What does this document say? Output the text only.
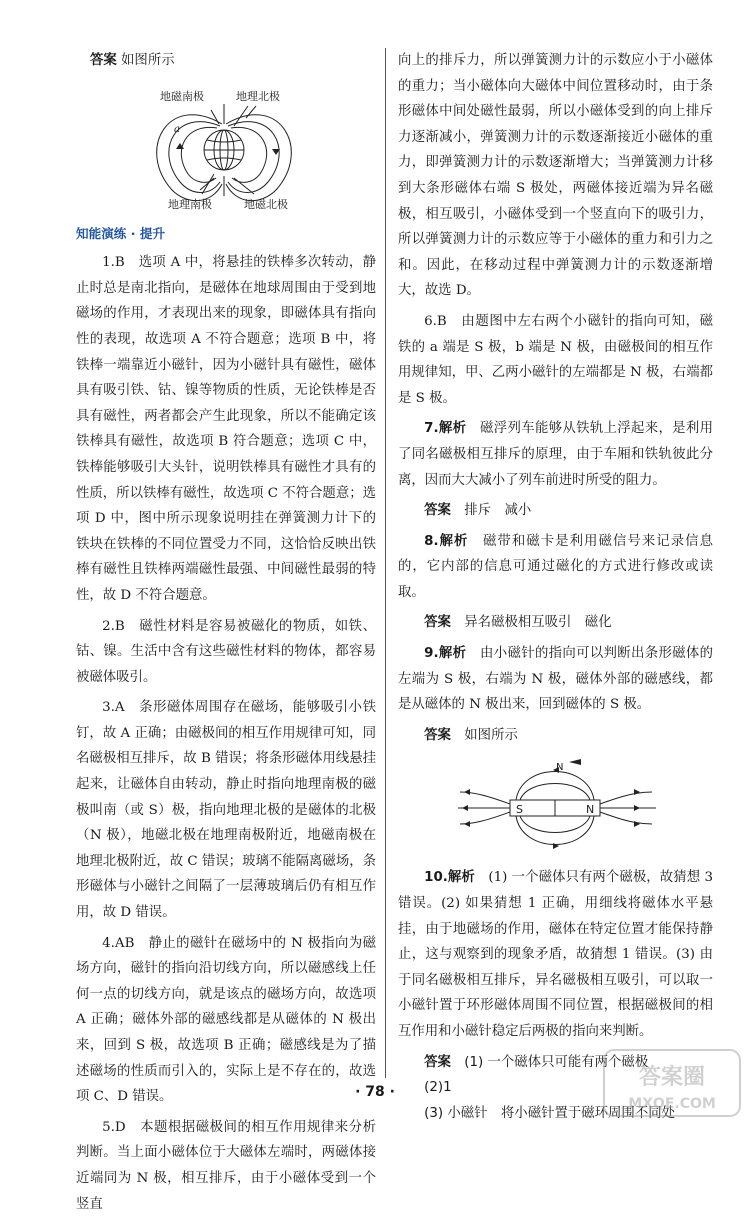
答案 如图所示

地磁南极	地理北极
地理南极	地磁北极
a
知能演练 · 提升

1.B　 选项 A 中，将悬挂的铁棒多次转动，静止时总是南北指向，是磁体在地球周围由于受到地磁场的作用，才表现出来的现象，即磁体具有指向性的表现，故选项 A 不符合题意；选项 B 中，将铁棒一端靠近小磁针，因为小磁针具有磁性，磁体具有吸引铁、钴、镍等物质的性质，无论铁棒是否具有磁性，两者都会产生此现象，所以不能确定该铁棒具有磁性，故选项 B 符合题意；选项 C 中，铁棒能够吸引大头针，说明铁棒具有磁性才具有的性质，所以铁棒有磁性，故选项 C 不符合题意；选项 D 中，图中所示现象说明挂在弹簧测力计下的铁块在铁棒的不同位置受力不同，这恰恰反映出铁棒有磁性且铁棒两端磁性最强、中间磁性最弱的特性，故 D 不符合题意。

2.B　 磁性材料是容易被磁化的物质，如铁、钴、镍。生活中含有这些磁性材料的物体，都容易被磁体吸引。

3.A　 条形磁体周围存在磁场，能够吸引小铁钉，故 A 正确；由磁极间的相互作用规律可知，同名磁极相互排斥，故 B 错误；将条形磁体用线悬挂起来，让磁体自由转动，静止时指向地理南极的磁极叫南（或 S）极，指向地理北极的是磁体的北极（N 极），地磁北极在地理南极附近，地磁南极在地理北极附近，故 C 错误；玻璃不能隔离磁场，条形磁体与小磁针之间隔了一层薄玻璃后仍有相互作用，故 D 错误。

4.AB　 静止的磁针在磁场中的 N 极指向为磁场方向，磁针的指向沿切线方向，所以磁感线上任何一点的切线方向，就是该点的磁场方向，故选项 A 正确；磁体外部的磁感线都是从磁体的 N 极出来，回到 S 极，故选项 B 正确；磁感线是为了描述磁场的性质而引入的，实际上是不存在的，故选项 C、D 错误。

5.D　 本题根据磁极间的相互作用规律来分析判断。当上面小磁体位于大磁体左端时，两磁体接近端同为 N 极，相互排斥，由于小磁体受到一个竖直

向上的排斥力，所以弹簧测力计的示数应小于小磁体的重力；当小磁体向大磁体中间位置移动时，由于条形磁体中间处磁性最弱，所以小磁体受到的向上排斥力逐渐减小，弹簧测力计的示数逐渐接近小磁体的重力，即弹簧测力计的示数逐渐增大；当弹簧测力计移到大条形磁体右端 S 极处，两磁体接近端为异名磁极，相互吸引，小磁体受到一个竖直向下的吸引力，所以弹簧测力计的示数应等于小磁体的重力和引力之和。因此，在移动过程中弹簧测力计的示数逐渐增大，故选 D。

6.B　 由题图中左右两个小磁针的指向可知，磁铁的 a 端是 S 极，b 端是 N 极，由磁极间的相互作用规律知，甲、乙两小磁针的左端都是 N 极，右端都是 S 极。

7.解析　 磁浮列车能够从铁轨上浮起来，是利用了同名磁极相互排斥的原理，由于车厢和铁轨彼此分离，因而大大减小了列车前进时所受的阻力。

答案　 排斥　减小

8.解析　 磁带和磁卡是利用磁信号来记录信息的，它内部的信息可通过磁化的方式进行修改或读取。

答案　 异名磁极相互吸引　磁化

9.解析　 由小磁针的指向可以判断出条形磁体的左端为 S 极，右端为 N 极，磁体外部的磁感线，都是从磁体的 N 极出来，回到磁体的 S 极。

答案　 如图所示

S	N
N

10.解析　 (1) 一个磁体只有两个磁极，故猜想 3 错误。(2) 如果猜想 1 正确，用细线将磁体水平悬挂，由于地磁场的作用，磁体在特定位置才能保持静止，这与观察到的现象矛盾，故猜想 1 错误。(3) 由于同名磁极相互排斥，异名磁极相互吸引，可以取一小磁针置于环形磁体周围不同位置，根据磁极间的相互作用和小磁针稳定后两极的指向来判断。

答案　 (1) 一个磁体只可能有两个磁极

(2)1

(3) 小磁针　将小磁针置于磁环周围不同处

· 78 ·
答案圈
MXQE.COM
